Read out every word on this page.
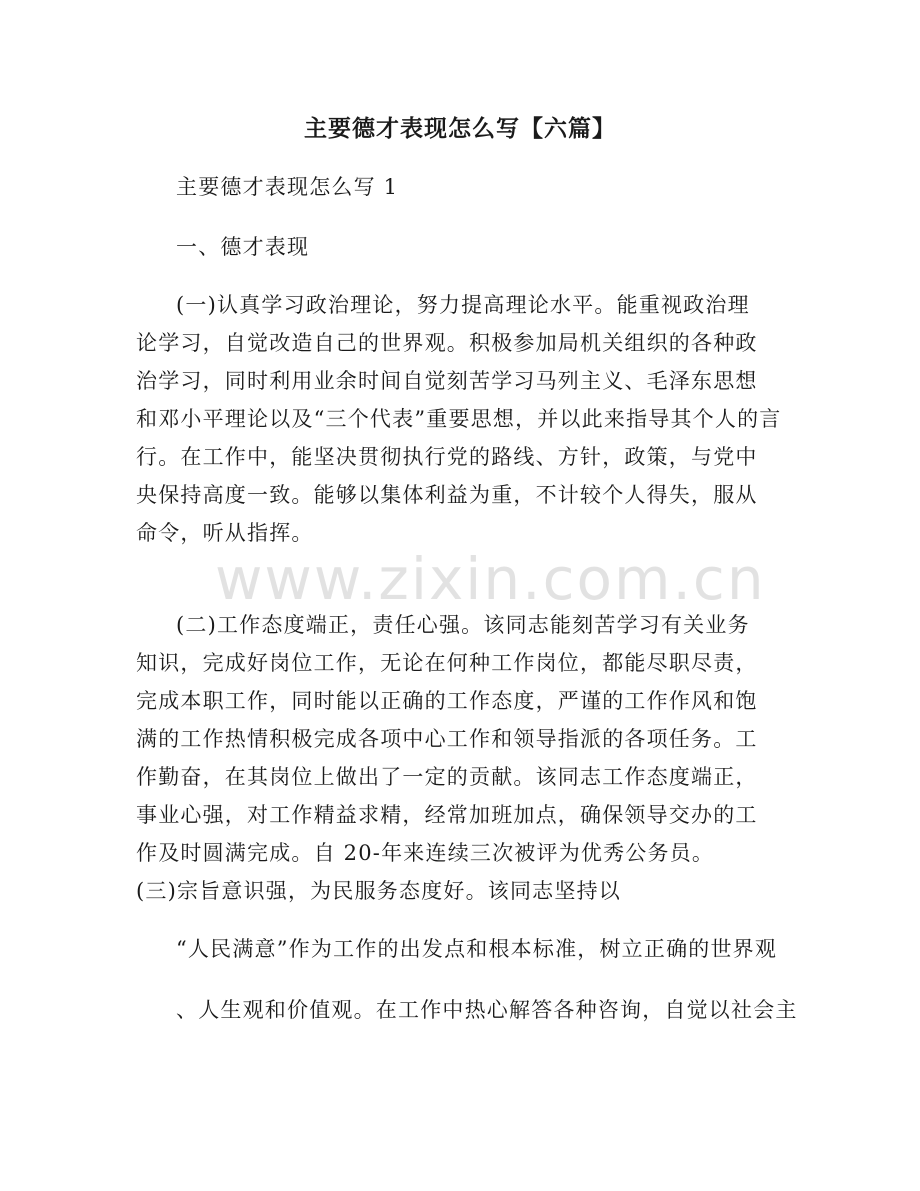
主要德才表现怎么写【六篇】
主要德才表现怎么写 1
一、德才表现
(一)认真学习政治理论，努力提高理论水平。能重视政治理
论学习，自觉改造自己的世界观。积极参加局机关组织的各种政
治学习，同时利用业余时间自觉刻苦学习马列主义、毛泽东思想
和邓小平理论以及“三个代表”重要思想，并以此来指导其个人的言
行。在工作中，能坚决贯彻执行党的路线、方针，政策，与党中
央保持高度一致。能够以集体利益为重，不计较个人得失，服从
命令，听从指挥。
(二)工作态度端正，责任心强。该同志能刻苦学习有关业务
知识，完成好岗位工作，无论在何种工作岗位，都能尽职尽责，
完成本职工作，同时能以正确的工作态度，严谨的工作作风和饱
满的工作热情积极完成各项中心工作和领导指派的各项任务。工
作勤奋，在其岗位上做出了一定的贡献。该同志工作态度端正，
事业心强，对工作精益求精，经常加班加点，确保领导交办的工
作及时圆满完成。自 20-年来连续三次被评为优秀公务员。
(三)宗旨意识强，为民服务态度好。该同志坚持以
“人民满意”作为工作的出发点和根本标准，树立正确的世界观
、人生观和价值观。在工作中热心解答各种咨询，自觉以社会主
www.zixin.com.cn
